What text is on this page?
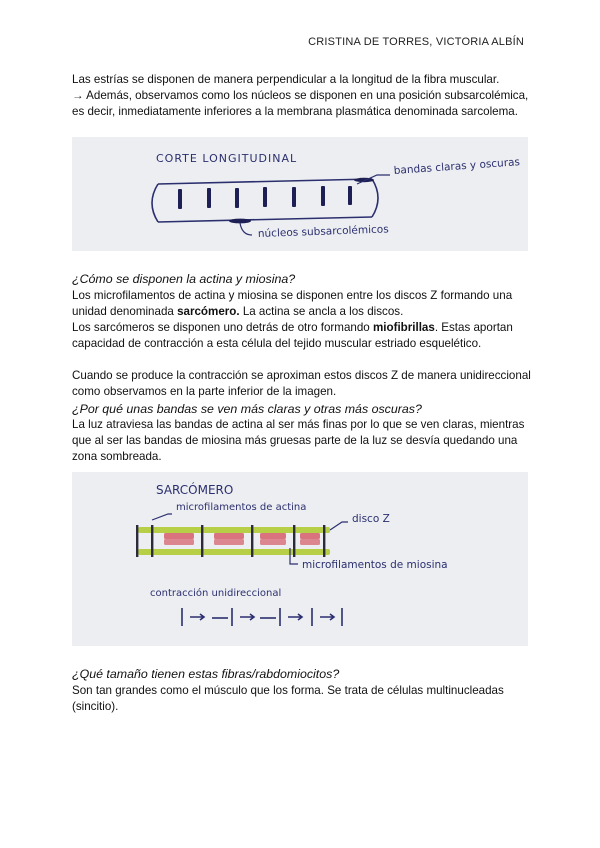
CRISTINA DE TORRES, VICTORIA ALBÍN

Las estrías se disponen de manera perpendicular a la longitud de la fibra muscular.
→ Además, observamos como los núcleos se disponen en una posición subsarcolémica, es decir, inmediatamente inferiores a la membrana plasmática denominada sarcolema.

CORTE LONGITUDINAL	bandas claras y oscuras
núcleos subsarcolémicos

¿Cómo se disponen la actina y miosina?

Los microfilamentos de actina y miosina se disponen entre los discos Z formando una unidad denominada sarcómero. La actina se ancla a los discos.

Los sarcómeros se disponen uno detrás de otro formando miofibrillas. Estas aportan capacidad de contracción a esta célula del tejido muscular estriado esquelético.

Cuando se produce la contracción se aproximan estos discos Z de manera unidireccional como observamos en la parte inferior de la imagen.

¿Por qué unas bandas se ven más claras y otras más oscuras?

La luz atraviesa las bandas de actina al ser más finas por lo que se ven claras, mientras que al ser las bandas de miosina más gruesas parte de la luz se desvía quedando una zona sombreada.

SARCÓMERO
microfilamentos de actina
disco Z
microfilamentos de miosina
contracción unidireccional

¿Qué tamaño tienen estas fibras/rabdomiocitos?

Son tan grandes como el músculo que los forma. Se trata de células multinucleadas (sincitio).
